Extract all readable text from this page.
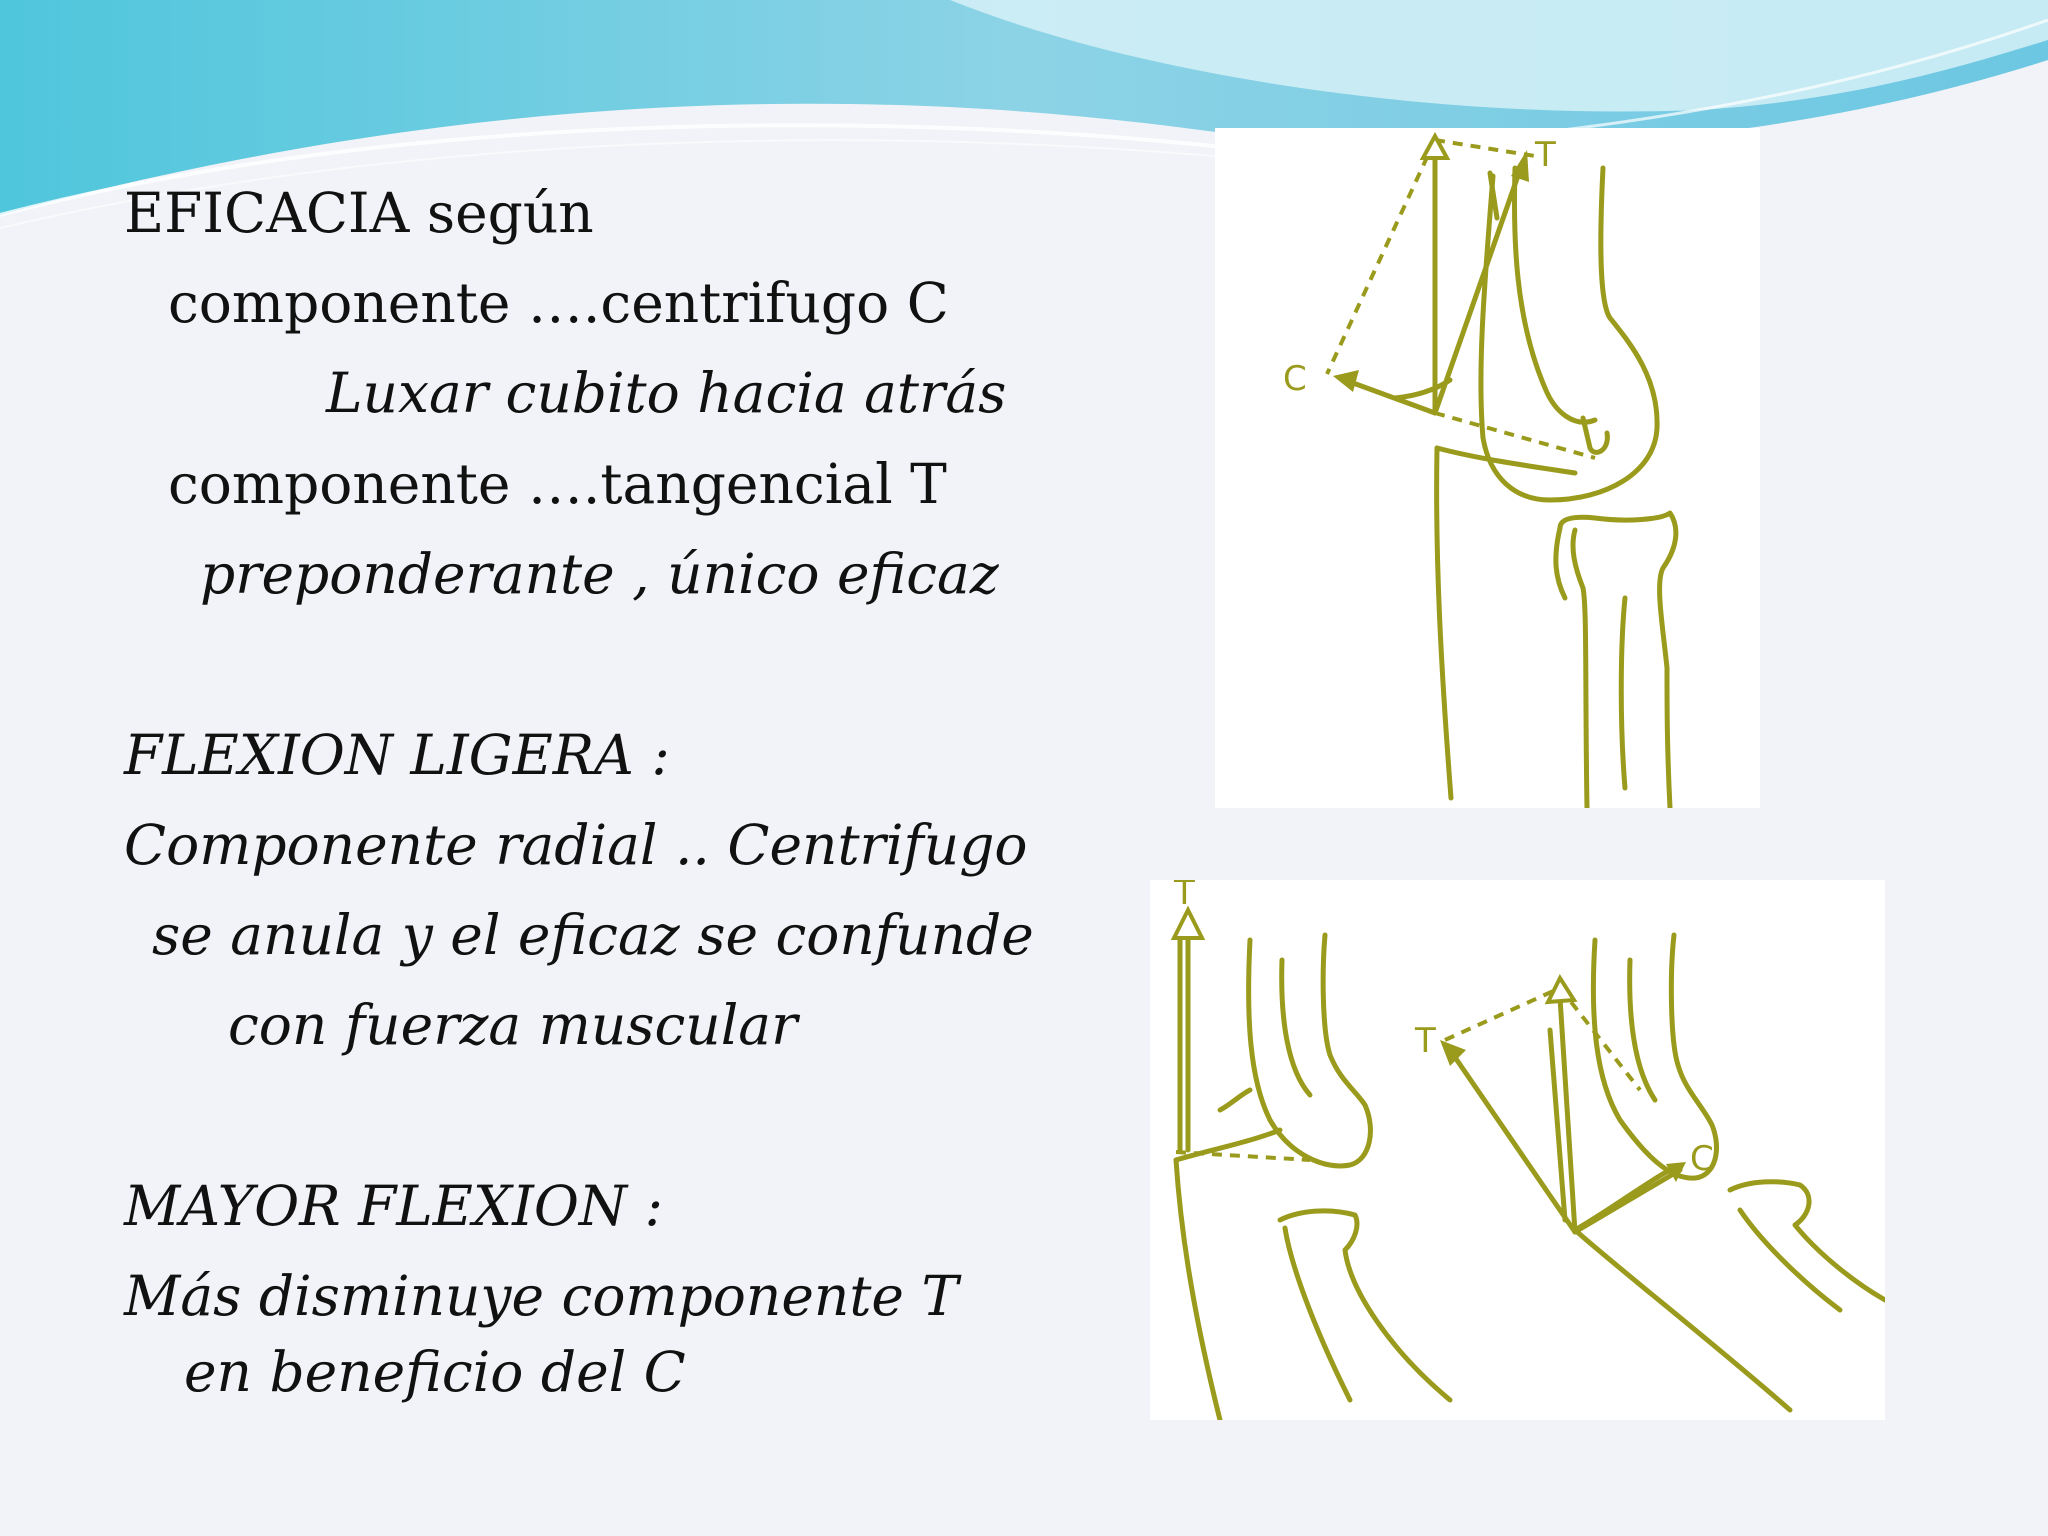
EFICACIA según
componente ….centrifugo C
Luxar cubito hacia atrás
componente ….tangencial T
preponderante , único eficaz
FLEXION LIGERA :
Componente radial .. Centrifugo
se anula y el eficaz se confunde
con fuerza muscular
MAYOR FLEXION :
Más disminuye componente T
en beneficio del C
T
C
T
T
C
